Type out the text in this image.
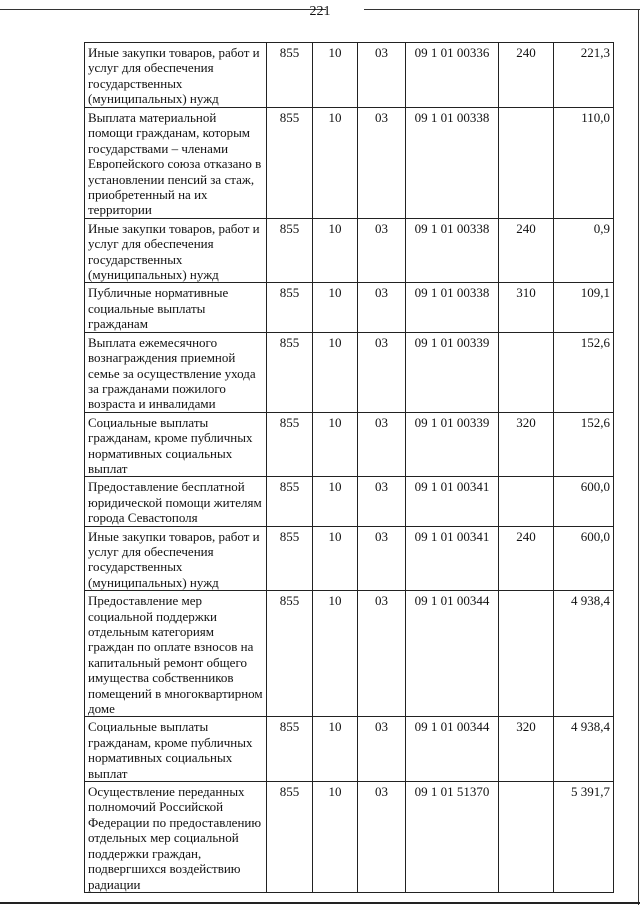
221
Иные закупки товаров, работ и услуг для обеспечения государственных (муниципальных) нужд	855	10	03	09 1 01 00336	240	221,3
Выплата материальной помощи гражданам, которым государствами – членами Европейского союза отказано в установлении пенсий за стаж, приобретенный на их территории	855	10	03	09 1 01 00338		110,0
Иные закупки товаров, работ и услуг для обеспечения государственных (муниципальных) нужд	855	10	03	09 1 01 00338	240	0,9
Публичные нормативные социальные выплаты гражданам	855	10	03	09 1 01 00338	310	109,1
Выплата ежемесячного вознаграждения приемной семье за осуществление ухода за гражданами пожилого возраста и инвалидами	855	10	03	09 1 01 00339		152,6
Социальные выплаты гражданам, кроме публичных нормативных социальных выплат	855	10	03	09 1 01 00339	320	152,6
Предоставление бесплатной юридической помощи жителям города Севастополя	855	10	03	09 1 01 00341		600,0
Иные закупки товаров, работ и услуг для обеспечения государственных (муниципальных) нужд	855	10	03	09 1 01 00341	240	600,0
Предоставление мер социальной поддержки отдельным категориям граждан по оплате взносов на капитальный ремонт общего имущества собственников помещений в многоквартирном доме	855	10	03	09 1 01 00344		4 938,4
Социальные выплаты гражданам, кроме публичных нормативных социальных выплат	855	10	03	09 1 01 00344	320	4 938,4
Осуществление переданных полномочий Российской Федерации по предоставлению отдельных мер социальной поддержки граждан, подвергшихся воздействию радиации	855	10	03	09 1 01 51370		5 391,7
